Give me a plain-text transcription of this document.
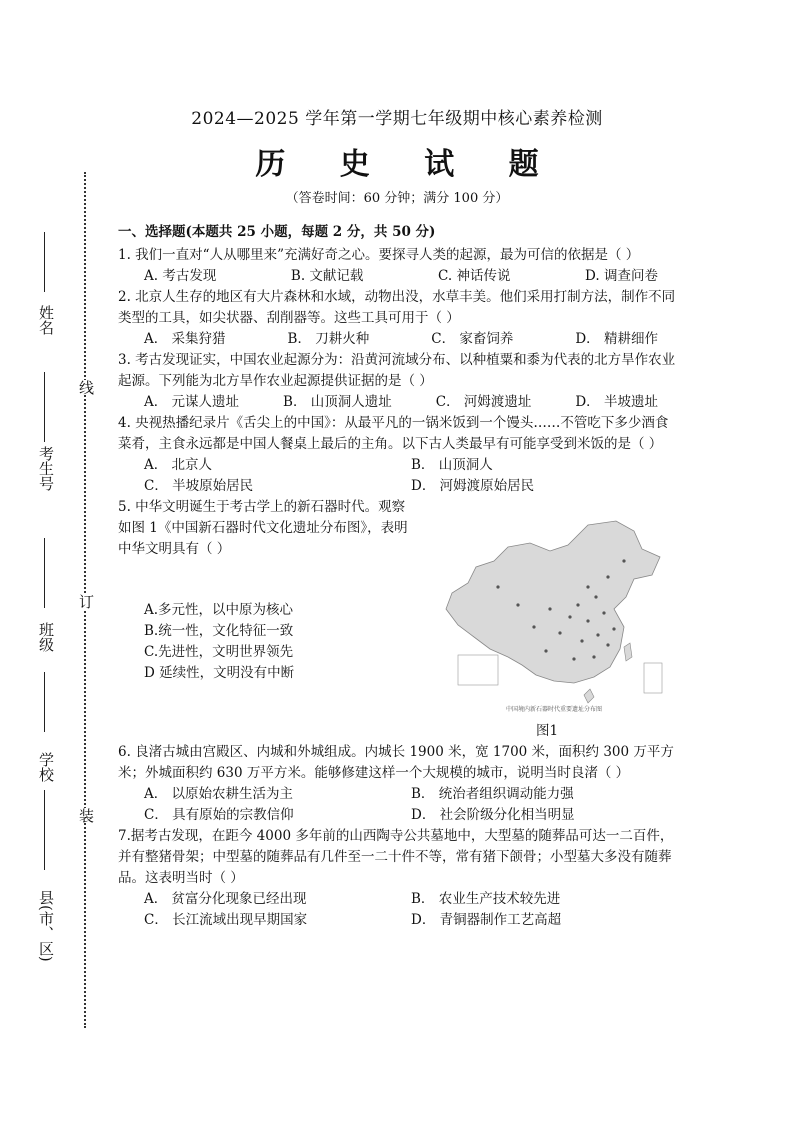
2024—2025 学年第一学期七年级期中核心素养检测
历 史 试 题
（答卷时间：60 分钟；满分 100 分）
姓名
考生号
班级
学校
县(市、区)
线
订
装
一、选择题(本题共 25 小题，每题 2 分，共 50 分)
1. 我们一直对“人从哪里来”充满好奇之心。要探寻人类的起源，最为可信的依据是（ ）
A. 考古发现	B. 文献记载	C. 神话传说	D. 调查问卷
2. 北京人生存的地区有大片森林和水域，动物出没，水草丰美。他们采用打制方法，制作不同类型的工具，如尖状器、刮削器等。这些工具可用于（ ）
A． 采集狩猎	B． 刀耕火种	C． 家畜饲养	D． 精耕细作
3. 考古发现证实，中国农业起源分为：沿黄河流域分布、以种植粟和黍为代表的北方旱作农业起源。下列能为北方旱作农业起源提供证据的是（ ）
A． 元谋人遗址	B． 山顶洞人遗址	C． 河姆渡遗址	D． 半坡遗址
4. 央视热播纪录片《舌尖上的中国》：从最平凡的一锅米饭到一个馒头……不管吃下多少酒食菜肴，主食永远都是中国人餐桌上最后的主角。以下古人类最早有可能享受到米饭的是（ ）
A． 北京人	B． 山顶洞人
C． 半坡原始居民	D． 河姆渡原始居民
5. 中华文明诞生于考古学上的新石器时代。观察如图 1《中国新石器时代文化遗址分布图》，表明中华文明具有（ ）
A.多元性，以中原为核心
B.统一性，文化特征一致
C.先进性，文明世界领先
D 延续性，文明没有中断
中国境内新石器时代重要遗址分布图
图1
6. 良渚古城由宫殿区、内城和外城组成。内城长 1900 米，宽 1700 米，面积约 300 万平方米；外城面积约 630 万平方米。能够修建这样一个大规模的城市，说明当时良渚（ ）
A． 以原始农耕生活为主	B． 统治者组织调动能力强
C． 具有原始的宗教信仰	D． 社会阶级分化相当明显
7.据考古发现，在距今 4000 多年前的山西陶寺公共墓地中，大型墓的随葬品可达一二百件，并有整猪骨架；中型墓的随葬品有几件至一二十件不等，常有猪下颌骨；小型墓大多没有随葬品。这表明当时（ ）
A． 贫富分化现象已经出现	B． 农业生产技术较先进
C． 长江流域出现早期国家	D． 青铜器制作工艺高超
